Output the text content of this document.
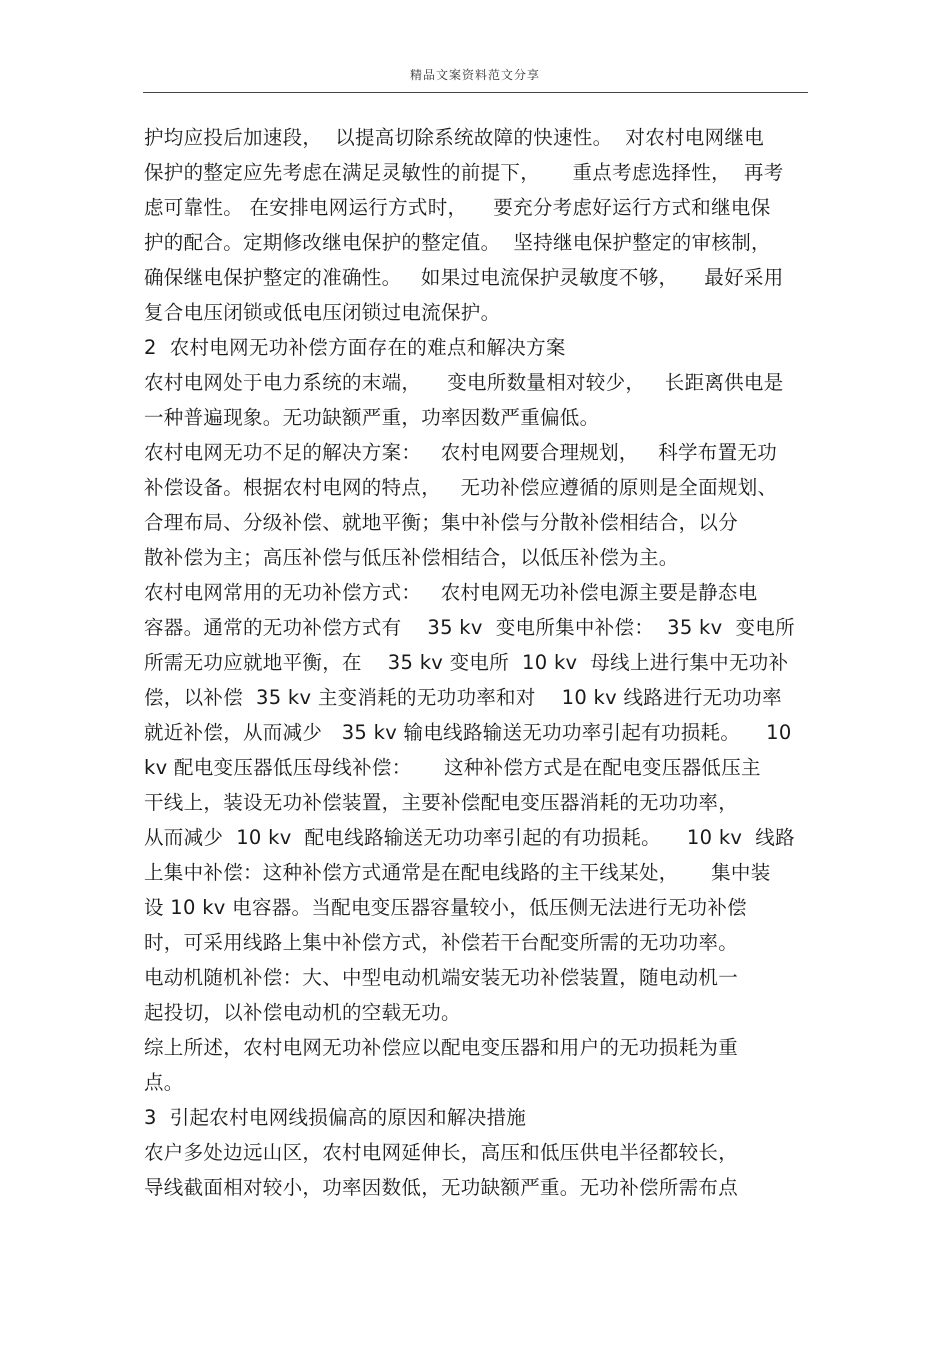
精品文案资料范文分享
护均应投后加速段，  以提高切除系统故障的快速性。  对农村电网继电
保护的整定应先考虑在满足灵敏性的前提下，     重点考虑选择性，  再考
虑可靠性。 在安排电网运行方式时，    要充分考虑好运行方式和继电保
护的配合。定期修改继电保护的整定值。  坚持继电保护整定的审核制，
确保继电保护整定的准确性。   如果过电流保护灵敏度不够，    最好采用
复合电压闭锁或低电压闭锁过电流保护。
2  农村电网无功补偿方面存在的难点和解决方案
农村电网处于电力系统的末端，    变电所数量相对较少，   长距离供电是
一种普遍现象。无功缺额严重，功率因数严重偏低。
农村电网无功不足的解决方案：   农村电网要合理规划，   科学布置无功
补偿设备。根据农村电网的特点，   无功补偿应遵循的原则是全面规划、
合理布局、分级补偿、就地平衡；集中补偿与分散补偿相结合，以分
散补偿为主；高压补偿与低压补偿相结合，以低压补偿为主。
农村电网常用的无功补偿方式：   农村电网无功补偿电源主要是静态电
容器。通常的无功补偿方式有    35 kv  变电所集中补偿：  35 kv  变电所
所需无功应就地平衡，在    35 kv 变电所  10 kv  母线上进行集中无功补
偿，以补偿  35 kv 主变消耗的无功功率和对    10 kv 线路进行无功功率
就近补偿，从而减少   35 kv 输电线路输送无功功率引起有功损耗。    10
kv 配电变压器低压母线补偿：     这种补偿方式是在配电变压器低压主
干线上，装设无功补偿装置，主要补偿配电变压器消耗的无功功率，
从而减少  10 kv  配电线路输送无功功率引起的有功损耗。    10 kv  线路
上集中补偿：这种补偿方式通常是在配电线路的主干线某处，     集中装
设 10 kv 电容器。当配电变压器容量较小，低压侧无法进行无功补偿
时，可采用线路上集中补偿方式，补偿若干台配变所需的无功功率。
电动机随机补偿：大、中型电动机端安装无功补偿装置，随电动机一
起投切，以补偿电动机的空载无功。
综上所述，农村电网无功补偿应以配电变压器和用户的无功损耗为重
点。
3  引起农村电网线损偏高的原因和解决措施
农户多处边远山区，农村电网延伸长，高压和低压供电半径都较长，
导线截面相对较小，功率因数低，无功缺额严重。无功补偿所需布点
